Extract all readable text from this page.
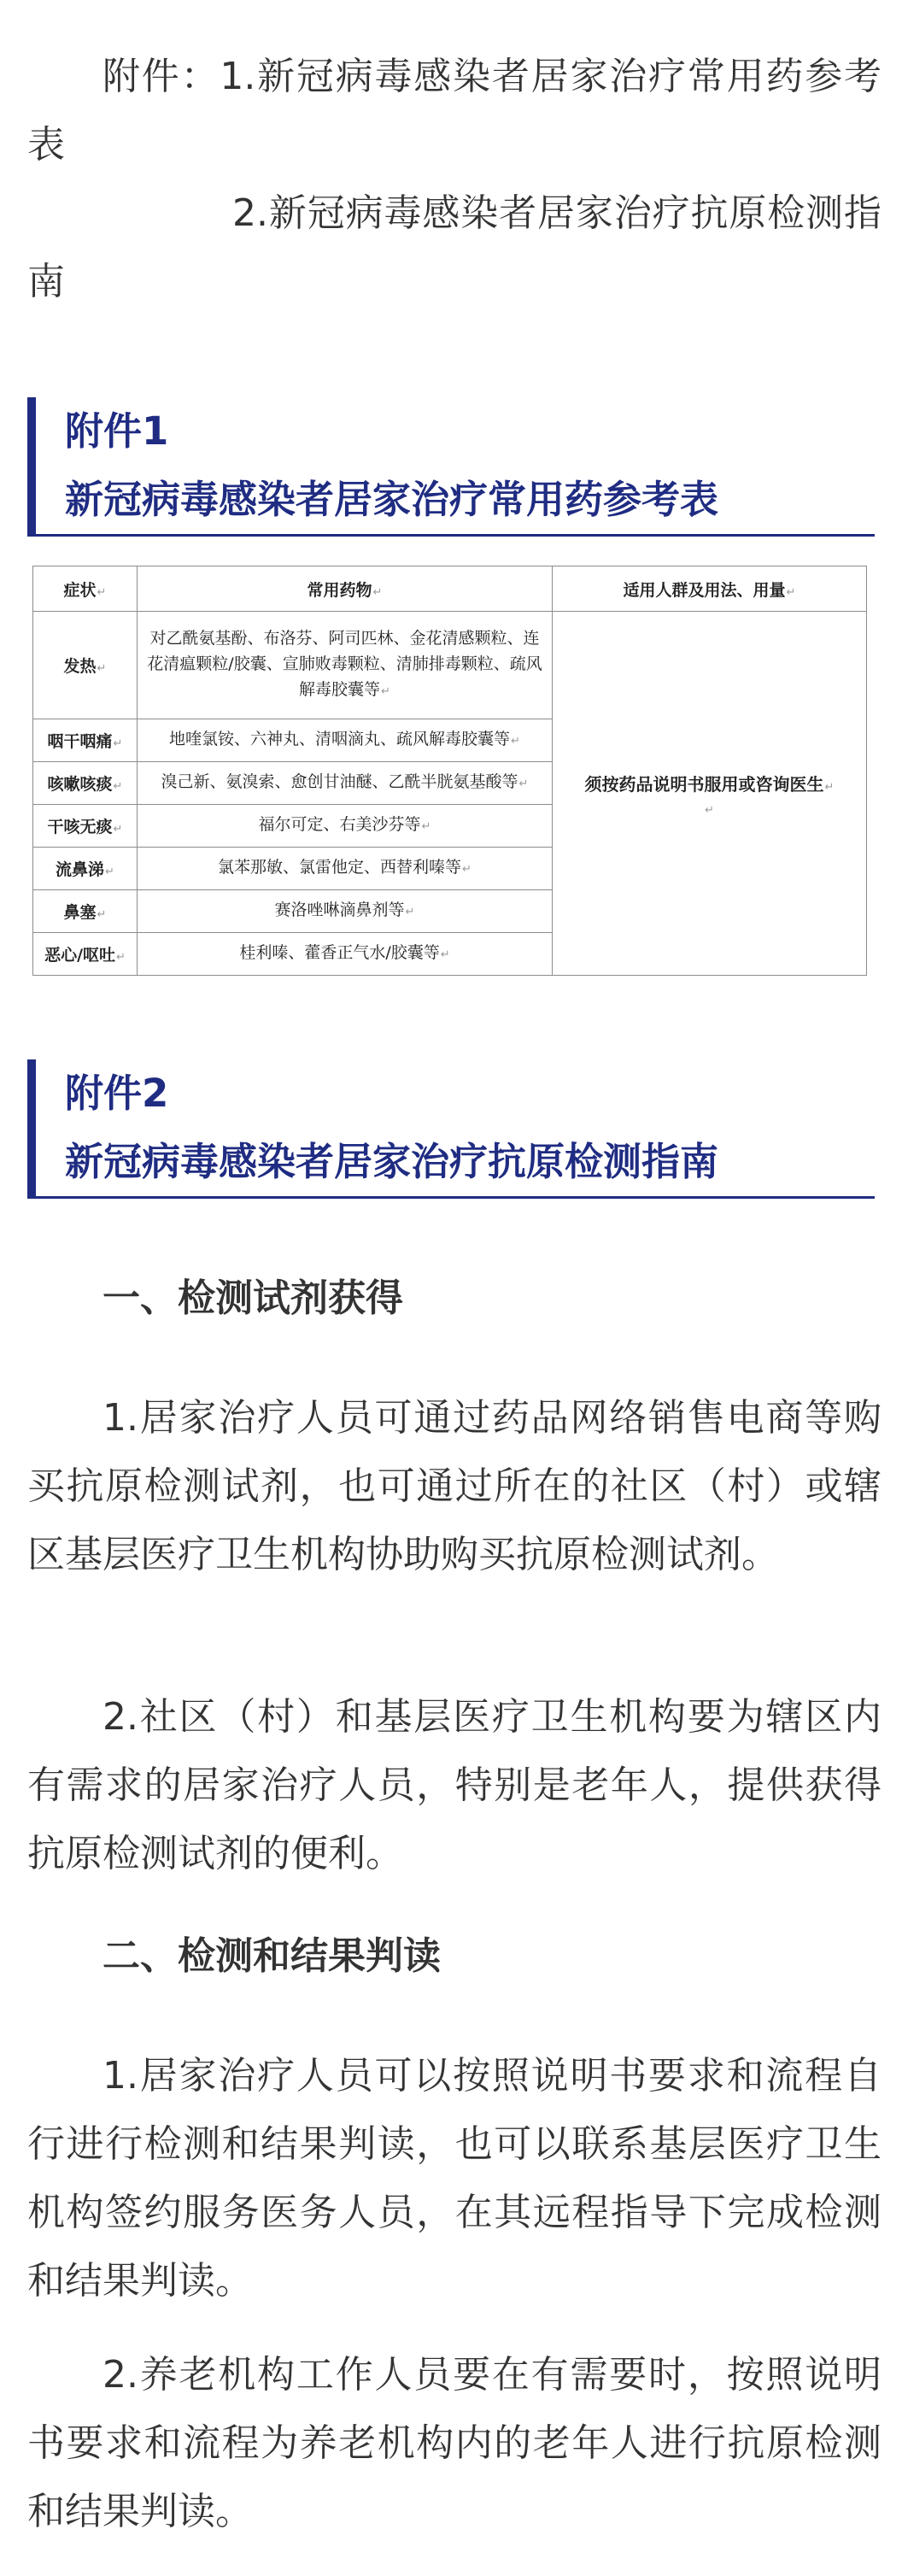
附件：1.新冠病毒感染者居家治疗常用药参考表

2.新冠病毒感染者居家治疗抗原检测指南

附件1
新冠病毒感染者居家治疗常用药参考表
症状↵	常用药物↵	适用人群及用法、用量↵
发热↵	对乙酰氨基酚、布洛芬、阿司匹林、金花清感颗粒、连花清瘟颗粒/胶囊、宣肺败毒颗粒、清肺排毒颗粒、疏风解毒胶囊等↵	须按药品说明书服用或咨询医生↵
↵

咽干咽痛↵	地喹氯铵、六神丸、清咽滴丸、疏风解毒胶囊等↵	
咳嗽咳痰↵	溴己新、氨溴索、愈创甘油醚、乙酰半胱氨基酸等↵	
干咳无痰↵	福尔可定、右美沙芬等↵	
流鼻涕↵	氯苯那敏、氯雷他定、西替利嗪等↵	
鼻塞↵	赛洛唑啉滴鼻剂等↵	
恶心/呕吐↵	桂利嗪、藿香正气水/胶囊等↵	
附件2
新冠病毒感染者居家治疗抗原检测指南
一、检测试剂获得

1.居家治疗人员可通过药品网络销售电商等购买抗原检测试剂，也可通过所在的社区（村）或辖区基层医疗卫生机构协助购买抗原检测试剂。

2.社区（村）和基层医疗卫生机构要为辖区内有需求的居家治疗人员，特别是老年人，提供获得抗原检测试剂的便利。

二、检测和结果判读

1.居家治疗人员可以按照说明书要求和流程自行进行检测和结果判读，也可以联系基层医疗卫生机构签约服务医务人员，在其远程指导下完成检测和结果判读。

2.养老机构工作人员要在有需要时，按照说明书要求和流程为养老机构内的老年人进行抗原检测和结果判读。
